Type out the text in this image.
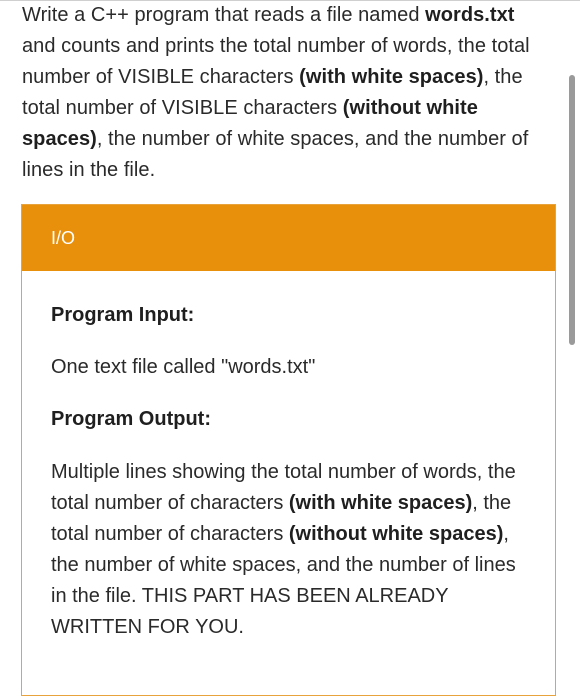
Write a C++ program that reads a file named words.txt and counts and prints the total number of words, the total number of VISIBLE characters (with white spaces), the total number of VISIBLE characters (without white spaces), the number of white spaces, and the number of lines in the file.

I/O

Program Input:

One text file called "words.txt"

Program Output:

Multiple lines showing the total number of words, the total number of characters (with white spaces), the total number of characters (without white spaces), the number of white spaces, and the number of lines in the file. THIS PART HAS BEEN ALREADY WRITTEN FOR YOU.
